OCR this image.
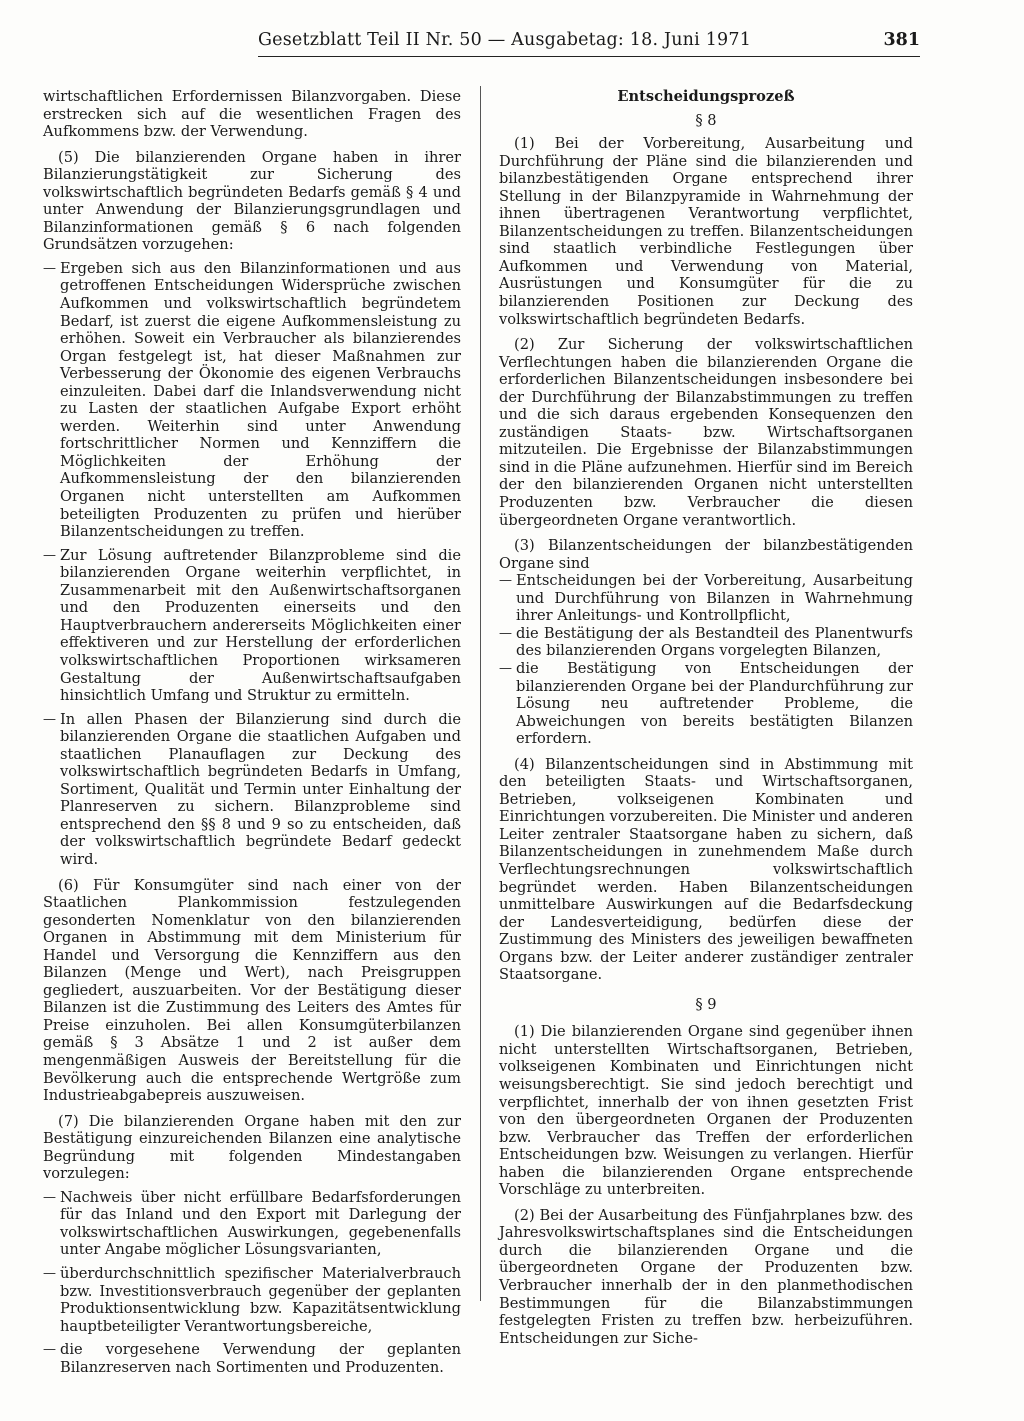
Gesetzblatt Teil II Nr. 50 — Ausgabetag: 18. Juni 1971	381

wirtschaftlichen Erfordernissen Bilanzvorgaben. Diese erstrecken sich auf die wesentlichen Fragen des Aufkommens bzw. der Verwendung.

(5) Die bilanzierenden Organe haben in ihrer Bilanzierungstätigkeit zur Sicherung des volkswirtschaftlich begründeten Bedarfs gemäß § 4 und unter Anwendung der Bilanzierungsgrundlagen und Bilanzinformationen gemäß § 6 nach folgenden Grundsätzen vorzugehen:

— Ergeben sich aus den Bilanzinformationen und aus getroffenen Entscheidungen Widersprüche zwischen Aufkommen und volkswirtschaftlich begründetem Bedarf, ist zuerst die eigene Aufkommensleistung zu erhöhen. Soweit ein Verbraucher als bilanzierendes Organ festgelegt ist, hat dieser Maßnahmen zur Verbesserung der Ökonomie des eigenen Verbrauchs einzuleiten. Dabei darf die Inlandsverwendung nicht zu Lasten der staatlichen Aufgabe Export erhöht werden. Weiterhin sind unter Anwendung fortschrittlicher Normen und Kennziffern die Möglichkeiten der Erhöhung der Aufkommensleistung der den bilanzierenden Organen nicht unterstellten am Aufkommen beteiligten Produzenten zu prüfen und hierüber Bilanzentscheidungen zu treffen.

— Zur Lösung auftretender Bilanzprobleme sind die bilanzierenden Organe weiterhin verpflichtet, in Zusammenarbeit mit den Außenwirtschaftsorganen und den Produzenten einerseits und den Hauptverbrauchern andererseits Möglichkeiten einer effektiveren und zur Herstellung der erforderlichen volkswirtschaftlichen Proportionen wirksameren Gestaltung der Außenwirtschaftsaufgaben hinsichtlich Umfang und Struktur zu ermitteln.

— In allen Phasen der Bilanzierung sind durch die bilanzierenden Organe die staatlichen Aufgaben und staatlichen Planauflagen zur Deckung des volkswirtschaftlich begründeten Bedarfs in Umfang, Sortiment, Qualität und Termin unter Einhaltung der Planreserven zu sichern. Bilanzprobleme sind entsprechend den §§ 8 und 9 so zu entscheiden, daß der volkswirtschaftlich begründete Bedarf gedeckt wird.

(6) Für Konsumgüter sind nach einer von der Staatlichen Plankommission festzulegenden gesonderten Nomenklatur von den bilanzierenden Organen in Abstimmung mit dem Ministerium für Handel und Versorgung die Kennziffern aus den Bilanzen (Menge und Wert), nach Preisgruppen gegliedert, auszuarbeiten. Vor der Bestätigung dieser Bilanzen ist die Zustimmung des Leiters des Amtes für Preise einzuholen. Bei allen Konsumgüterbilanzen gemäß § 3 Absätze 1 und 2 ist außer dem mengenmäßigen Ausweis der Bereitstellung für die Bevölkerung auch die entsprechende Wertgröße zum Industrieabgabepreis auszuweisen.

(7) Die bilanzierenden Organe haben mit den zur Bestätigung einzureichenden Bilanzen eine analytische Begründung mit folgenden Mindestangaben vorzulegen:

— Nachweis über nicht erfüllbare Bedarfsforderungen für das Inland und den Export mit Darlegung der volkswirtschaftlichen Auswirkungen, gegebenenfalls unter Angabe möglicher Lösungsvarianten,

— überdurchschnittlich spezifischer Materialverbrauch bzw. Investitionsverbrauch gegenüber der geplanten Produktionsentwicklung bzw. Kapazitätsentwicklung hauptbeteiligter Verantwortungsbereiche,

— die vorgesehene Verwendung der geplanten Bilanzreserven nach Sortimenten und Produzenten.

Entscheidungsprozeß

§ 8

(1) Bei der Vorbereitung, Ausarbeitung und Durchführung der Pläne sind die bilanzierenden und bilanzbestätigenden Organe entsprechend ihrer Stellung in der Bilanzpyramide in Wahrnehmung der ihnen übertragenen Verantwortung verpflichtet, Bilanzentscheidungen zu treffen. Bilanzentscheidungen sind staatlich verbindliche Festlegungen über Aufkommen und Verwendung von Material, Ausrüstungen und Konsumgüter für die zu bilanzierenden Positionen zur Deckung des volkswirtschaftlich begründeten Bedarfs.

(2) Zur Sicherung der volkswirtschaftlichen Verflechtungen haben die bilanzierenden Organe die erforderlichen Bilanzentscheidungen insbesondere bei der Durchführung der Bilanzabstimmungen zu treffen und die sich daraus ergebenden Konsequenzen den zuständigen Staats- bzw. Wirtschaftsorganen mitzuteilen. Die Ergebnisse der Bilanzabstimmungen sind in die Pläne aufzunehmen. Hierfür sind im Bereich der den bilanzierenden Organen nicht unterstellten Produzenten bzw. Verbraucher die diesen übergeordneten Organe verantwortlich.

(3) Bilanzentscheidungen der bilanzbestätigenden Organe sind

— Entscheidungen bei der Vorbereitung, Ausarbeitung und Durchführung von Bilanzen in Wahrnehmung ihrer Anleitungs- und Kontrollpflicht,

— die Bestätigung der als Bestandteil des Planentwurfs des bilanzierenden Organs vorgelegten Bilanzen,

— die Bestätigung von Entscheidungen der bilanzierenden Organe bei der Plandurchführung zur Lösung neu auftretender Probleme, die Abweichungen von bereits bestätigten Bilanzen erfordern.

(4) Bilanzentscheidungen sind in Abstimmung mit den beteiligten Staats- und Wirtschaftsorganen, Betrieben, volkseigenen Kombinaten und Einrichtungen vorzubereiten. Die Minister und anderen Leiter zentraler Staatsorgane haben zu sichern, daß Bilanzentscheidungen in zunehmendem Maße durch Verflechtungsrechnungen volkswirtschaftlich begründet werden. Haben Bilanzentscheidungen unmittelbare Auswirkungen auf die Bedarfsdeckung der Landesverteidigung, bedürfen diese der Zustimmung des Ministers des jeweiligen bewaffneten Organs bzw. der Leiter anderer zuständiger zentraler Staatsorgane.

§ 9

(1) Die bilanzierenden Organe sind gegenüber ihnen nicht unterstellten Wirtschaftsorganen, Betrieben, volkseigenen Kombinaten und Einrichtungen nicht weisungsberechtigt. Sie sind jedoch berechtigt und verpflichtet, innerhalb der von ihnen gesetzten Frist von den übergeordneten Organen der Produzenten bzw. Verbraucher das Treffen der erforderlichen Entscheidungen bzw. Weisungen zu verlangen. Hierfür haben die bilanzierenden Organe entsprechende Vorschläge zu unterbreiten.

(2) Bei der Ausarbeitung des Fünfjahrplanes bzw. des Jahresvolkswirtschaftsplanes sind die Entscheidungen durch die bilanzierenden Organe und die übergeordneten Organe der Produzenten bzw. Verbraucher innerhalb der in den planmethodischen Bestimmungen für die Bilanzabstimmungen festgelegten Fristen zu treffen bzw. herbeizuführen. Entscheidungen zur Siche-
